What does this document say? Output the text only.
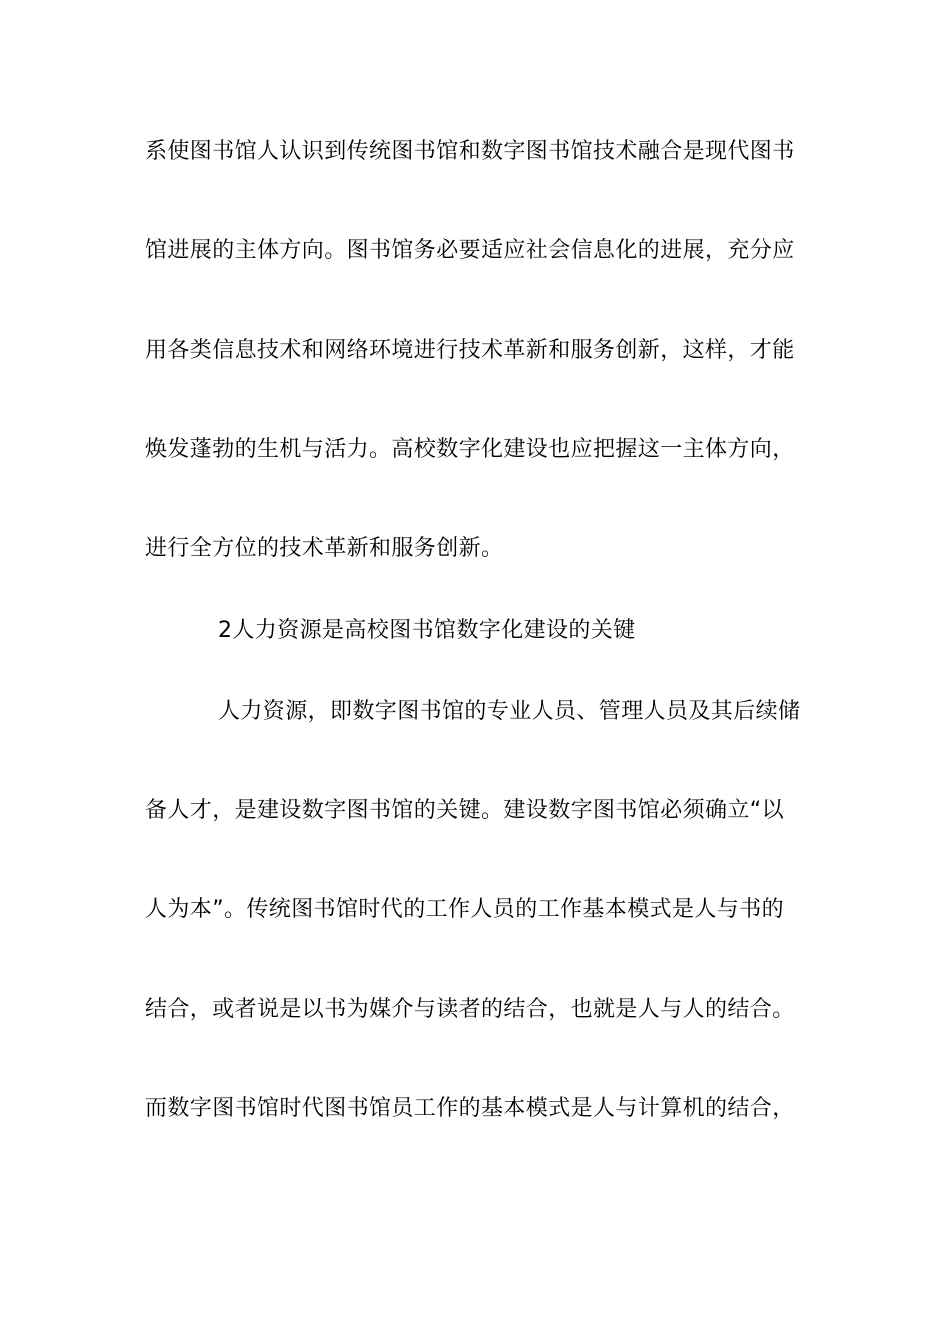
系使图书馆人认识到传统图书馆和数字图书馆技术融合是现代图书
馆进展的主体方向。图书馆务必要适应社会信息化的进展，充分应
用各类信息技术和网络环境进行技术革新和服务创新，这样，才能
焕发蓬勃的生机与活力。高校数字化建设也应把握这一主体方向，
进行全方位的技术革新和服务创新。
2人力资源是高校图书馆数字化建设的关键
人力资源，即数字图书馆的专业人员、管理人员及其后续储
备人才，是建设数字图书馆的关键。建设数字图书馆必须确立“以
人为本”。传统图书馆时代的工作人员的工作基本模式是人与书的
结合，或者说是以书为媒介与读者的结合，也就是人与人的结合。
而数字图书馆时代图书馆员工作的基本模式是人与计算机的结合，
